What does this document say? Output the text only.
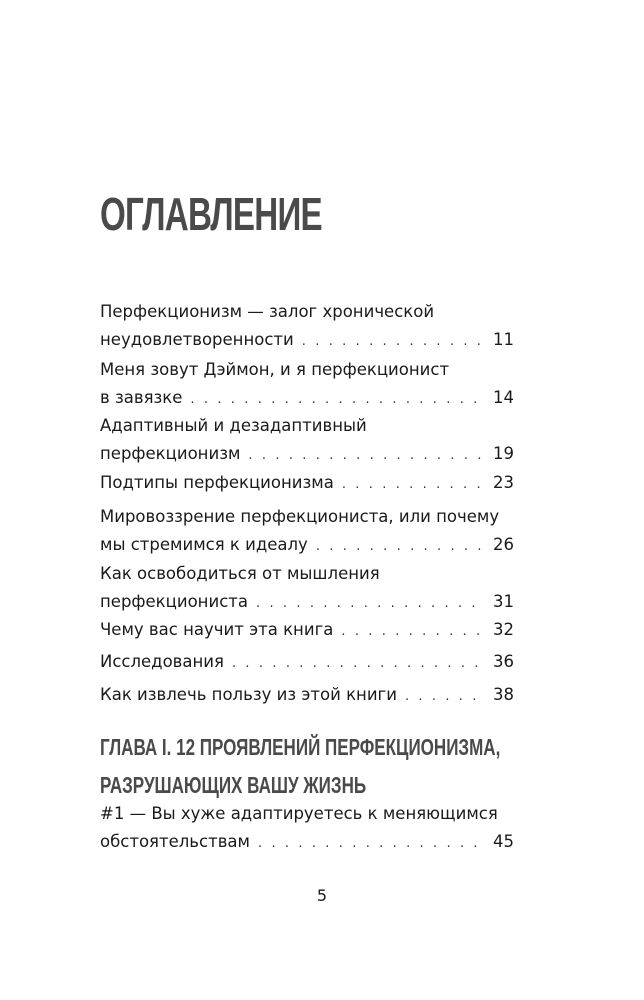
ОГЛАВЛЕНИЕ
Перфекционизм — залог хронической
неудовлетворенности . . .	11
Меня зовут Дэймон, и я перфекционист
в завязке . . .	14
Адаптивный и дезадаптивный
перфекционизм . . .	19
Подтипы перфекционизма . . .	23
Мировоззрение перфекциониста, или почему
мы стремимся к идеалу . . .	26
Как освободиться от мышления
перфекциониста . . .	31
Чему вас научит эта книга . . .	32
Исследования . . .	36
Как извлечь пользу из этой книги . . .	38
#1 — Вы хуже адаптируетесь к меняющимся
обстоятельствам . . .	45
ГЛАВА I. 12 ПРОЯВЛЕНИЙ ПЕРФЕКЦИОНИЗМА,
РАЗРУШАЮЩИХ ВАШУ ЖИЗНЬ
5
